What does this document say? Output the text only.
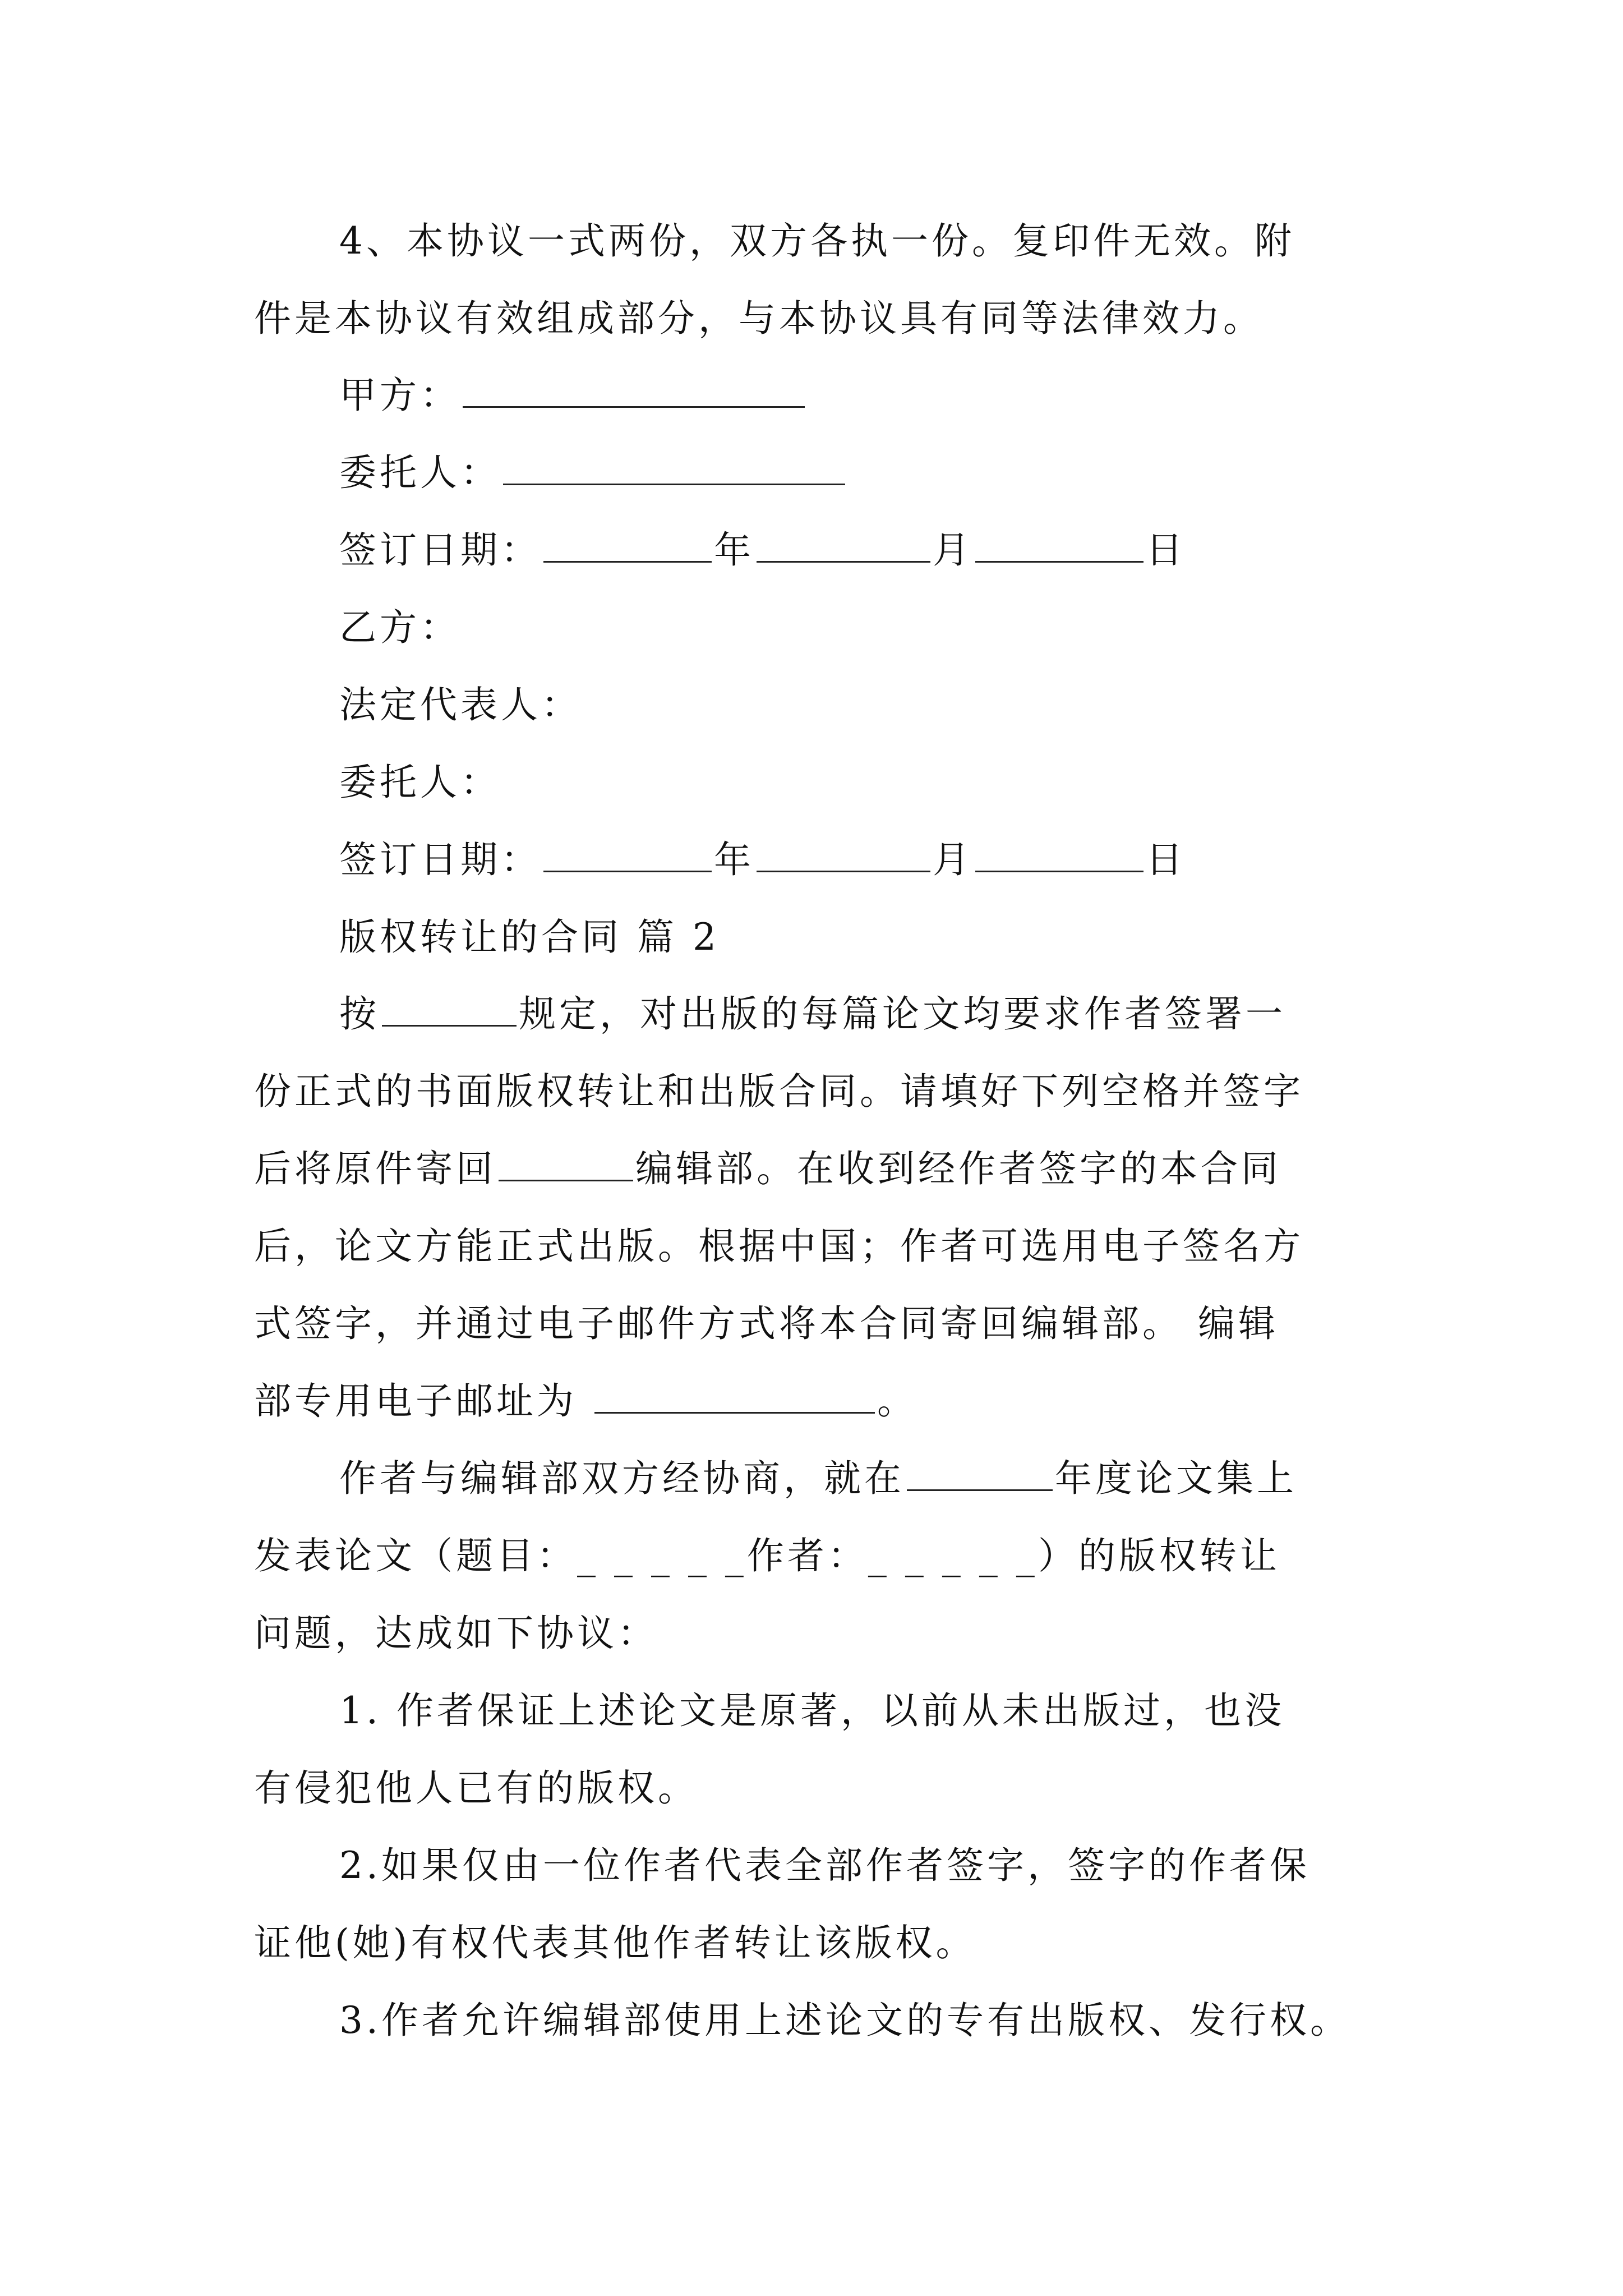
4、本协议一式两份，双方各执一份。复印件无效。附
件是本协议有效组成部分，与本协议具有同等法律效力。
甲方：
委托人：
签订日期：	年	月	日
乙方：
法定代表人：
委托人：
签订日期：	年	月	日
版权转让的合同 篇 2
按	规定，对出版的每篇论文均要求作者签署一
份正式的书面版权转让和出版合同。请填好下列空格并签字
后将原件寄回	编辑部。在收到经作者签字的本合同
后，论文方能正式出版。根据中国；作者可选用电子签名方
式签字，并通过电子邮件方式将本合同寄回编辑部。 编辑
部专用电子邮址为	。
作者与编辑部双方经协商，就在	年度论文集上
发表论文（题目：_ _ _ _ _作者：_ _ _ _ _）的版权转让
问题，达成如下协议：
1. 作者保证上述论文是原著，以前从未出版过，也没
有侵犯他人已有的版权。
2.如果仅由一位作者代表全部作者签字，签字的作者保
证他(她)有权代表其他作者转让该版权。
3.作者允许编辑部使用上述论文的专有出版权、发行权。
